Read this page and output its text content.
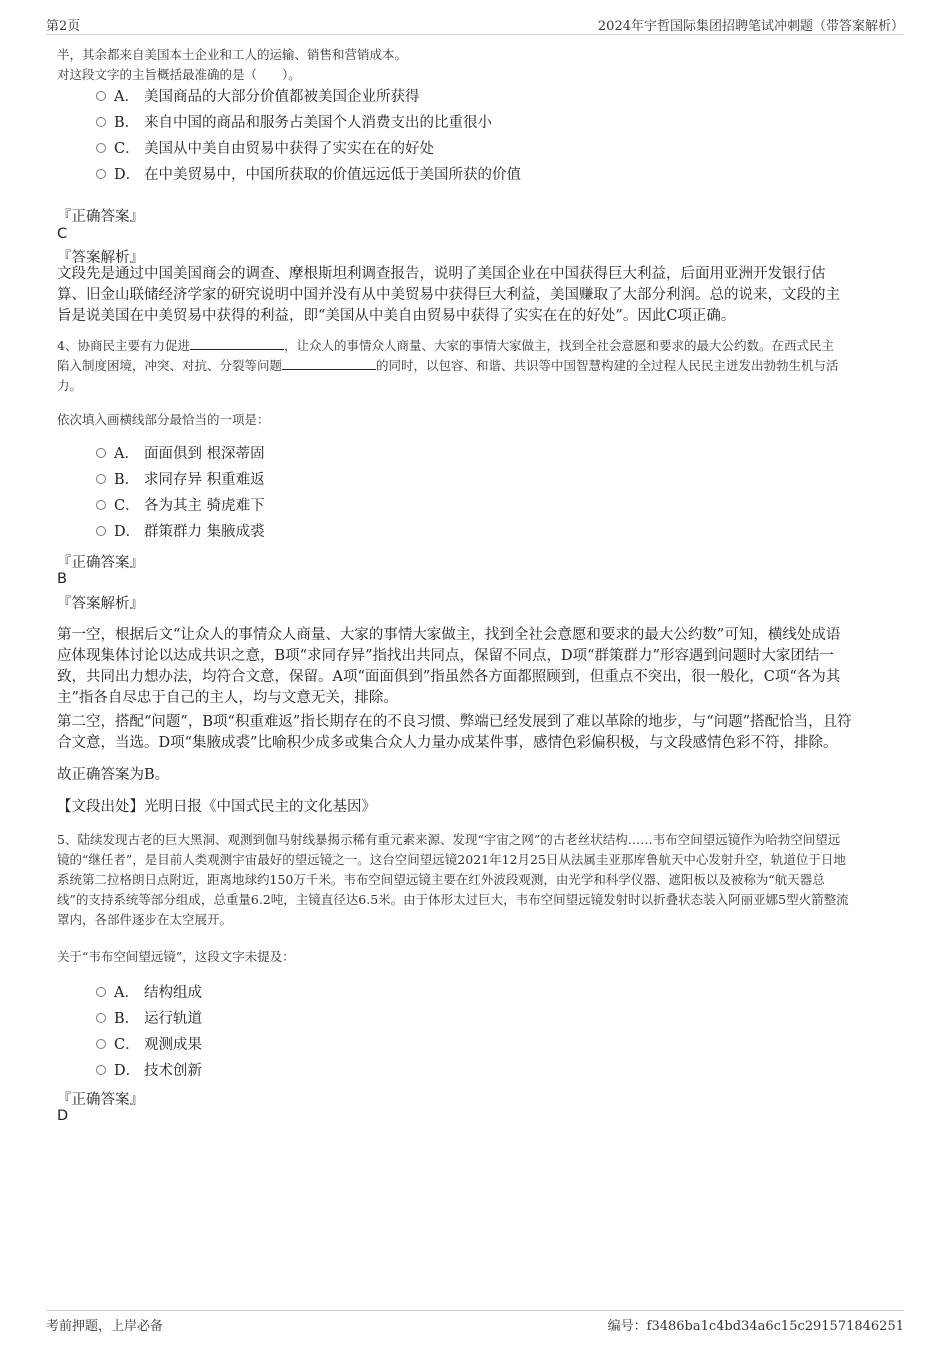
第2页	2024年宇哲国际集团招聘笔试冲刺题（带答案解析）
半，其余都来自美国本土企业和工人的运输、销售和营销成本。
对这段文字的主旨概括最准确的是（　　）。
A． 美国商品的大部分价值都被美国企业所获得
B． 来自中国的商品和服务占美国个人消费支出的比重很小
C． 美国从中美自由贸易中获得了实实在在的好处
D． 在中美贸易中，中国所获取的价值远远低于美国所获的价值
『正确答案』
C
『答案解析』
文段先是通过中国美国商会的调查、摩根斯坦利调查报告，说明了美国企业在中国获得巨大利益，后面用亚洲开发银行估
算、旧金山联储经济学家的研究说明中国并没有从中美贸易中获得巨大利益，美国赚取了大部分利润。总的说来，文段的主
旨是说美国在中美贸易中获得的利益，即“美国从中美自由贸易中获得了实实在在的好处”。因此C项正确。
4、协商民主要有力促进	，让众人的事情众人商量、大家的事情大家做主，找到全社会意愿和要求的最大公约数。在西式民主
陷入制度困境，冲突、对抗、分裂等问题	的同时，以包容、和谐、共识等中国智慧构建的全过程人民民主迸发出勃勃生机与活
力。
依次填入画横线部分最恰当的一项是：
A． 面面俱到 根深蒂固
B． 求同存异 积重难返
C． 各为其主 骑虎难下
D． 群策群力 集腋成裘
『正确答案』
B
『答案解析』
第一空，根据后文“让众人的事情众人商量、大家的事情大家做主，找到全社会意愿和要求的最大公约数”可知，横线处成语
应体现集体讨论以达成共识之意，B项“求同存异”指找出共同点，保留不同点，D项“群策群力”形容遇到问题时大家团结一
致，共同出力想办法，均符合文意，保留。A项“面面俱到”指虽然各方面都照顾到，但重点不突出，很一般化，C项“各为其
主”指各自尽忠于自己的主人，均与文意无关，排除。
第二空，搭配“问题”，B项“积重难返”指长期存在的不良习惯、弊端已经发展到了难以革除的地步，与“问题”搭配恰当，且符
合文意，当选。D项“集腋成裘”比喻积少成多或集合众人力量办成某件事，感情色彩偏积极，与文段感情色彩不符，排除。
故正确答案为B。
【文段出处】光明日报《中国式民主的文化基因》
5、陆续发现古老的巨大黑洞、观测到伽马射线暴揭示稀有重元素来源、发现“宇宙之网”的古老丝状结构……韦布空间望远镜作为哈勃空间望远
镜的“继任者”，是目前人类观测宇宙最好的望远镜之一。这台空间望远镜2021年12月25日从法属圭亚那库鲁航天中心发射升空，轨道位于日地
系统第二拉格朗日点附近，距离地球约150万千米。韦布空间望远镜主要在红外波段观测，由光学和科学仪器、遮阳板以及被称为“航天器总
线”的支持系统等部分组成，总重量6.2吨，主镜直径达6.5米。由于体形太过巨大，韦布空间望远镜发射时以折叠状态装入阿丽亚娜5型火箭整流
罩内，各部件逐步在太空展开。
关于“韦布空间望远镜”，这段文字未提及：
A． 结构组成
B． 运行轨道
C． 观测成果
D． 技术创新
『正确答案』
D
考前押题，上岸必备	编号：f3486ba1c4bd34a6c15c291571846251
